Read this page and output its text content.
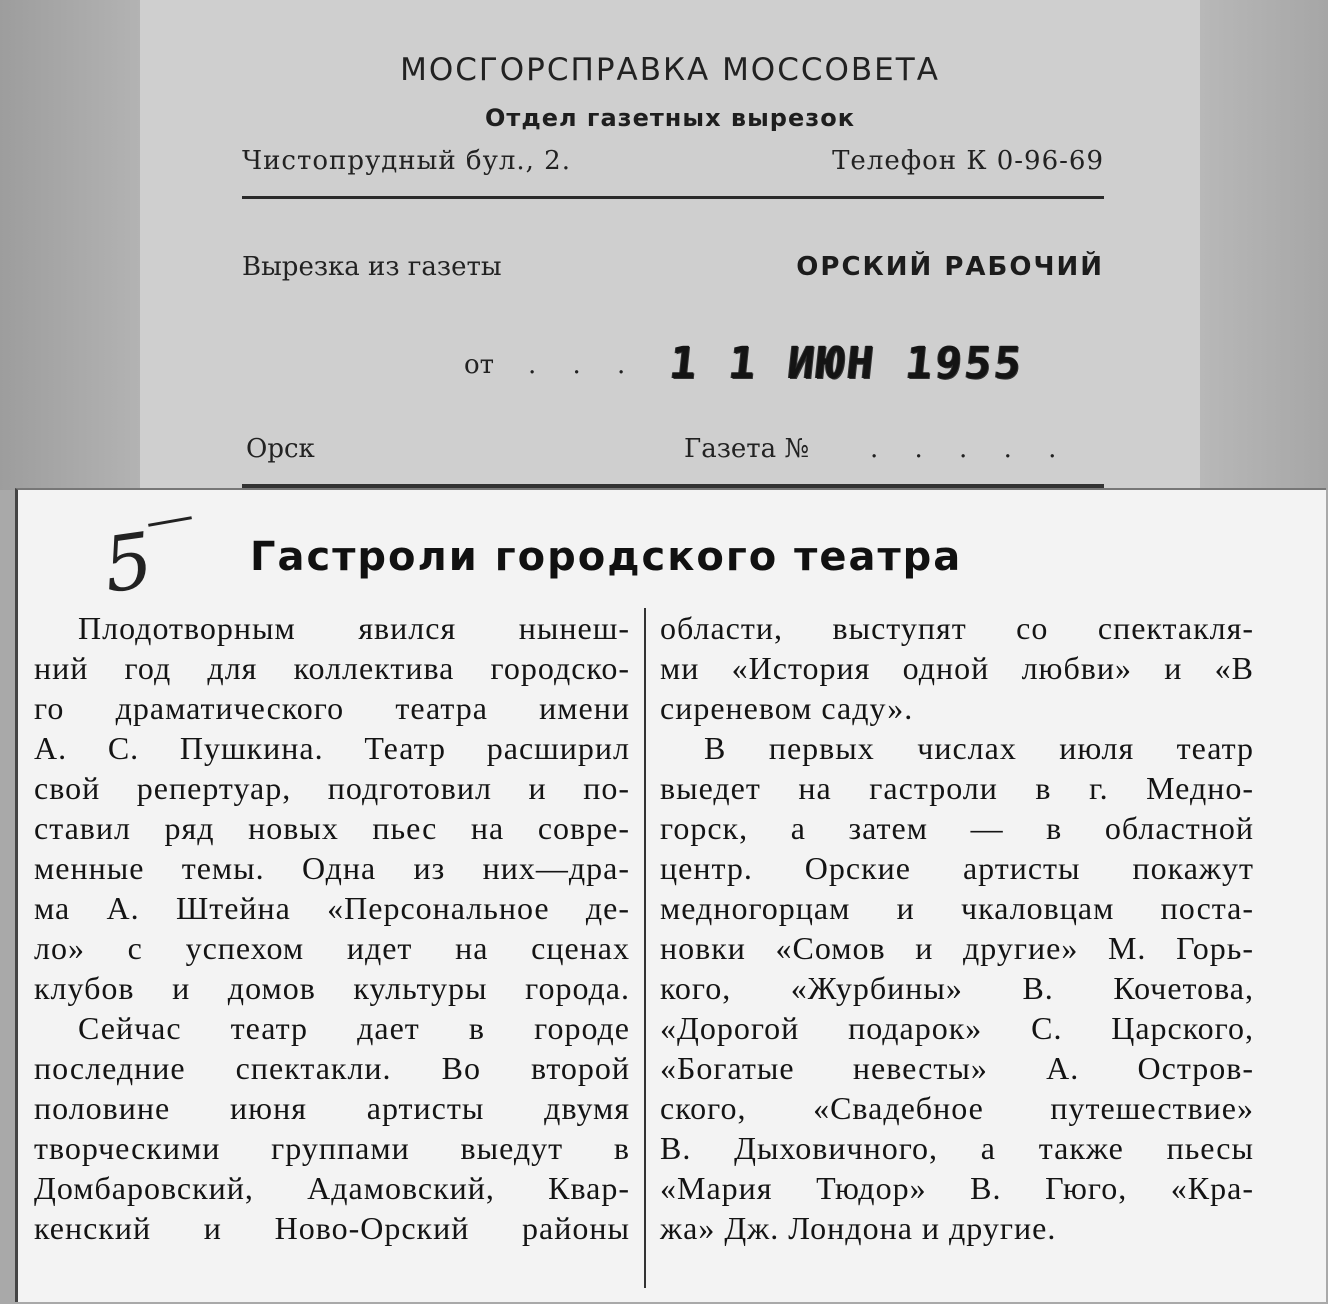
МОСГОРСПРАВКА МОССОВЕТА
Отдел газетных вырезок
Чистопрудный бул., 2.	Телефон К 0-96-69
Вырезка из газеты	ОРСКИЙ РАБОЧИЙ
от . . . 1 1 ИЮН 1955
Орск	Газета № . . . . .
5 Гастроли городского театра
Плодотворным явился нынеш-
ний год для коллектива городско-
го драматического театра имени
А. С. Пушкина. Театр расширил
свой репертуар, подготовил и по-
ставил ряд новых пьес на совре-
менные темы. Одна из них—дра-
ма А. Штейна «Персональное де-
ло» с успехом идет на сценах
клубов и домов культуры города.
Сейчас театр дает в городе
последние спектакли. Во второй
половине июня артисты двумя
творческими группами выедут в
Домбаровский, Адамовский, Квар-
кенский и Ново-Орский районы
области, выступят со спектакля-
ми «История одной любви» и «В
сиреневом саду».
В первых числах июля театр
выедет на гастроли в г. Медно-
горск, а затем — в областной
центр. Орские артисты покажут
медногорцам и чкаловцам поста-
новки «Сомов и другие» М. Горь-
кого, «Журбины» В. Кочетова,
«Дорогой подарок» С. Царского,
«Богатые невесты» А. Остров-
ского, «Свадебное путешествие»
В. Дыховичного, а также пьесы
«Мария Тюдор» В. Гюго, «Кра-
жа» Дж. Лондона и другие.
